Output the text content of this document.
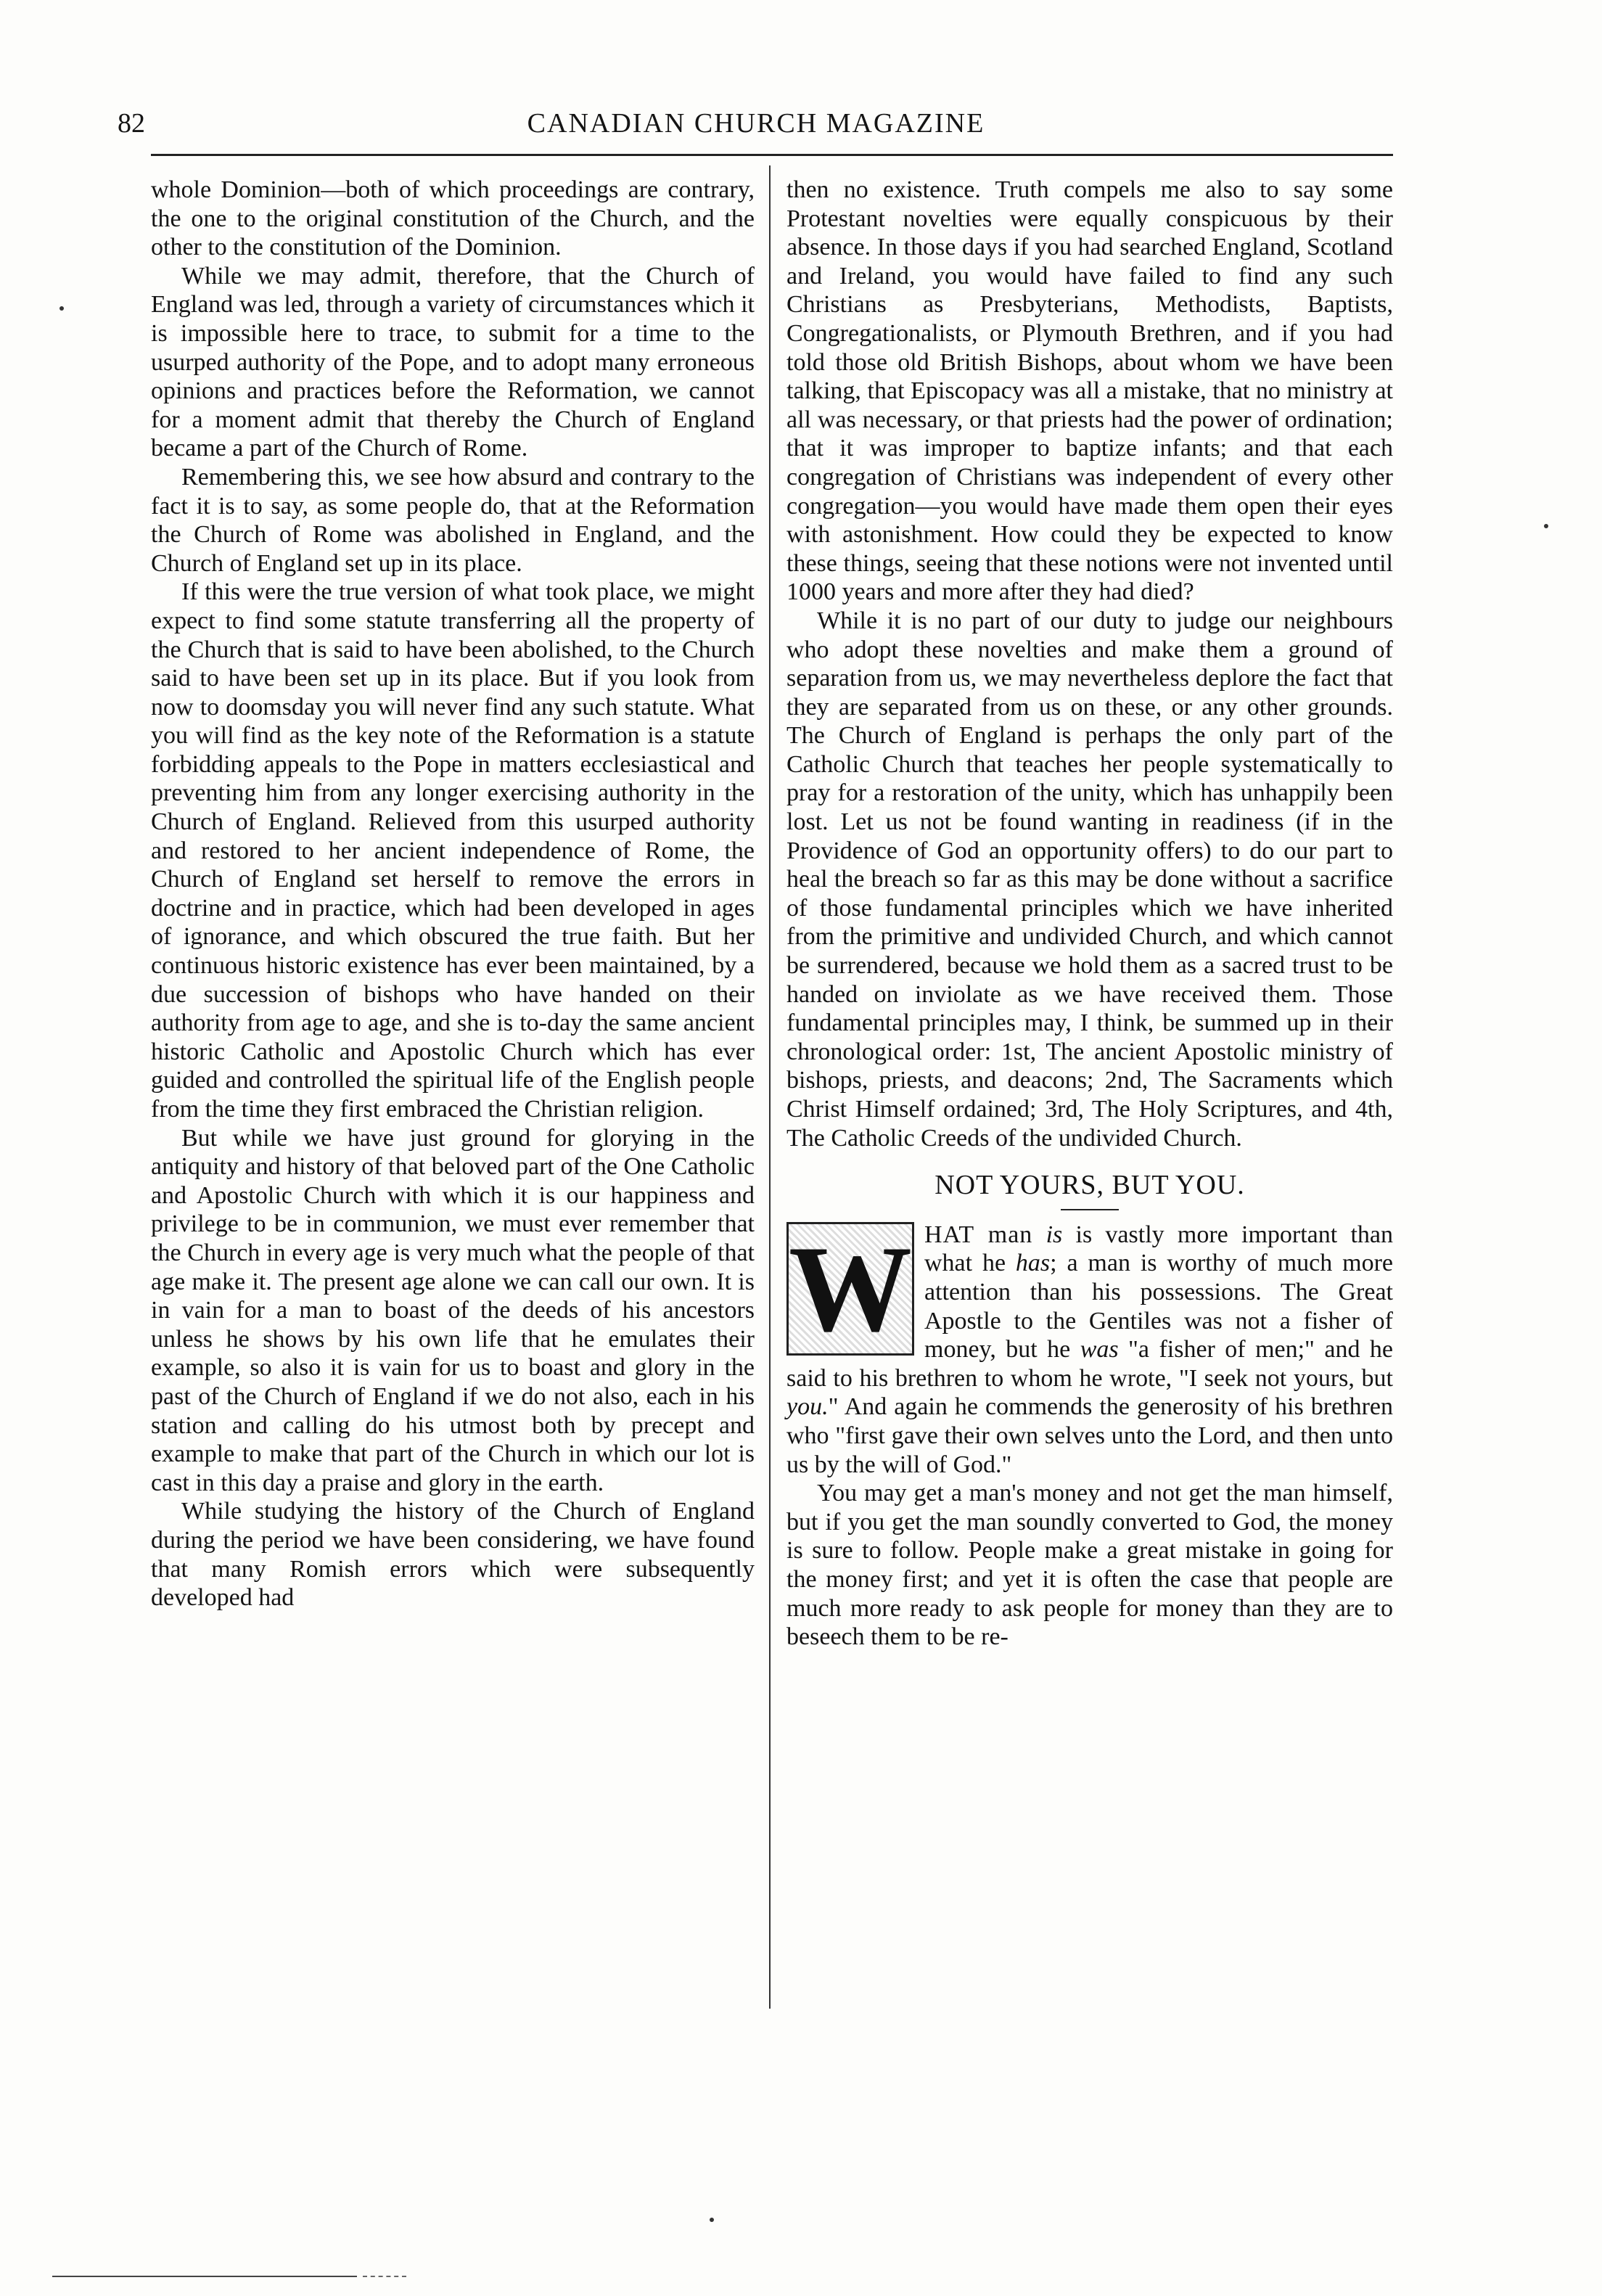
82	CANADIAN CHURCH MAGAZINE

whole Dominion—both of which proceedings are contrary, the one to the original constitution of the Church, and the other to the constitution of the Dominion.

While we may admit, therefore, that the Church of England was led, through a variety of circumstances which it is impossible here to trace, to submit for a time to the usurped authority of the Pope, and to adopt many erroneous opinions and practices before the Reformation, we cannot for a moment admit that thereby the Church of England became a part of the Church of Rome.

Remembering this, we see how absurd and contrary to the fact it is to say, as some people do, that at the Reformation the Church of Rome was abolished in England, and the Church of England set up in its place.

If this were the true version of what took place, we might expect to find some statute transferring all the property of the Church that is said to have been abolished, to the Church said to have been set up in its place. But if you look from now to doomsday you will never find any such statute. What you will find as the key note of the Reformation is a statute forbidding appeals to the Pope in matters ecclesiastical and preventing him from any longer exercising authority in the Church of England. Relieved from this usurped authority and restored to her ancient independence of Rome, the Church of England set herself to remove the errors in doctrine and in practice, which had been developed in ages of ignorance, and which obscured the true faith. But her continuous historic existence has ever been maintained, by a due succession of bishops who have handed on their authority from age to age, and she is to-day the same ancient historic Catholic and Apostolic Church which has ever guided and controlled the spiritual life of the English people from the time they first embraced the Christian religion.

But while we have just ground for glorying in the antiquity and history of that beloved part of the One Catholic and Apostolic Church with which it is our happiness and privilege to be in communion, we must ever remember that the Church in every age is very much what the people of that age make it. The present age alone we can call our own. It is in vain for a man to boast of the deeds of his ancestors unless he shows by his own life that he emulates their example, so also it is vain for us to boast and glory in the past of the Church of England if we do not also, each in his station and calling do his utmost both by precept and example to make that part of the Church in which our lot is cast in this day a praise and glory in the earth.

While studying the history of the Church of England during the period we have been considering, we have found that many Romish errors which were subsequently developed had

then no existence. Truth compels me also to say some Protestant novelties were equally conspicuous by their absence. In those days if you had searched England, Scotland and Ireland, you would have failed to find any such Christians as Presbyterians, Methodists, Baptists, Congregationalists, or Plymouth Brethren, and if you had told those old British Bishops, about whom we have been talking, that Episcopacy was all a mistake, that no ministry at all was necessary, or that priests had the power of ordination; that it was improper to baptize infants; and that each congregation of Christians was independent of every other congregation—you would have made them open their eyes with astonishment. How could they be expected to know these things, seeing that these notions were not invented until 1000 years and more after they had died?

While it is no part of our duty to judge our neighbours who adopt these novelties and make them a ground of separation from us, we may nevertheless deplore the fact that they are separated from us on these, or any other grounds. The Church of England is perhaps the only part of the Catholic Church that teaches her people systematically to pray for a restoration of the unity, which has unhappily been lost. Let us not be found wanting in readiness (if in the Providence of God an opportunity offers) to do our part to heal the breach so far as this may be done without a sacrifice of those fundamental principles which we have inherited from the primitive and undivided Church, and which cannot be surrendered, because we hold them as a sacred trust to be handed on inviolate as we have received them. Those fundamental principles may, I think, be summed up in their chronological order: 1st, The ancient Apostolic ministry of bishops, priests, and deacons; 2nd, The Sacraments which Christ Himself ordained; 3rd, The Holy Scriptures, and 4th, The Catholic Creeds of the undivided Church.

NOT YOURS, BUT YOU.

W HAT man is is vastly more important than what he has; a man is worthy of much more attention than his possessions. The Great Apostle to the Gentiles was not a fisher of money, but he was "a fisher of men;" and he said to his brethren to whom he wrote, "I seek not yours, but you." And again he commends the generosity of his brethren who "first gave their own selves unto the Lord, and then unto us by the will of God."

You may get a man's money and not get the man himself, but if you get the man soundly converted to God, the money is sure to follow. People make a great mistake in going for the money first; and yet it is often the case that people are much more ready to ask people for money than they are to beseech them to be re-
